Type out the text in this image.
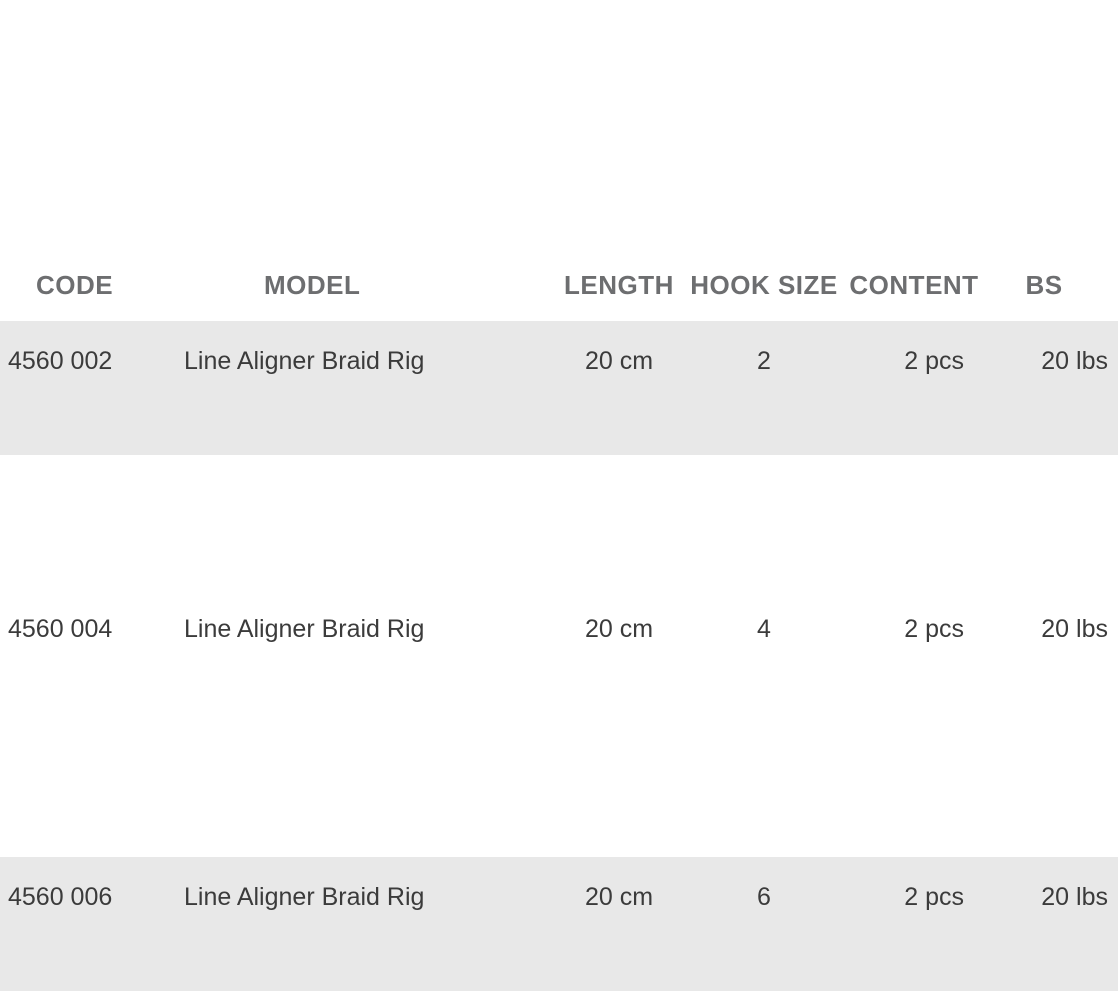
CODE	MODEL	LENGTH	HOOK SIZE	CONTENT	BS
4560 002	Line Aligner Braid Rig	20 cm	2	2 pcs	20 lbs

4560 004	Line Aligner Braid Rig	20 cm	4	2 pcs	20 lbs

4560 006	Line Aligner Braid Rig	20 cm	6	2 pcs	20 lbs
